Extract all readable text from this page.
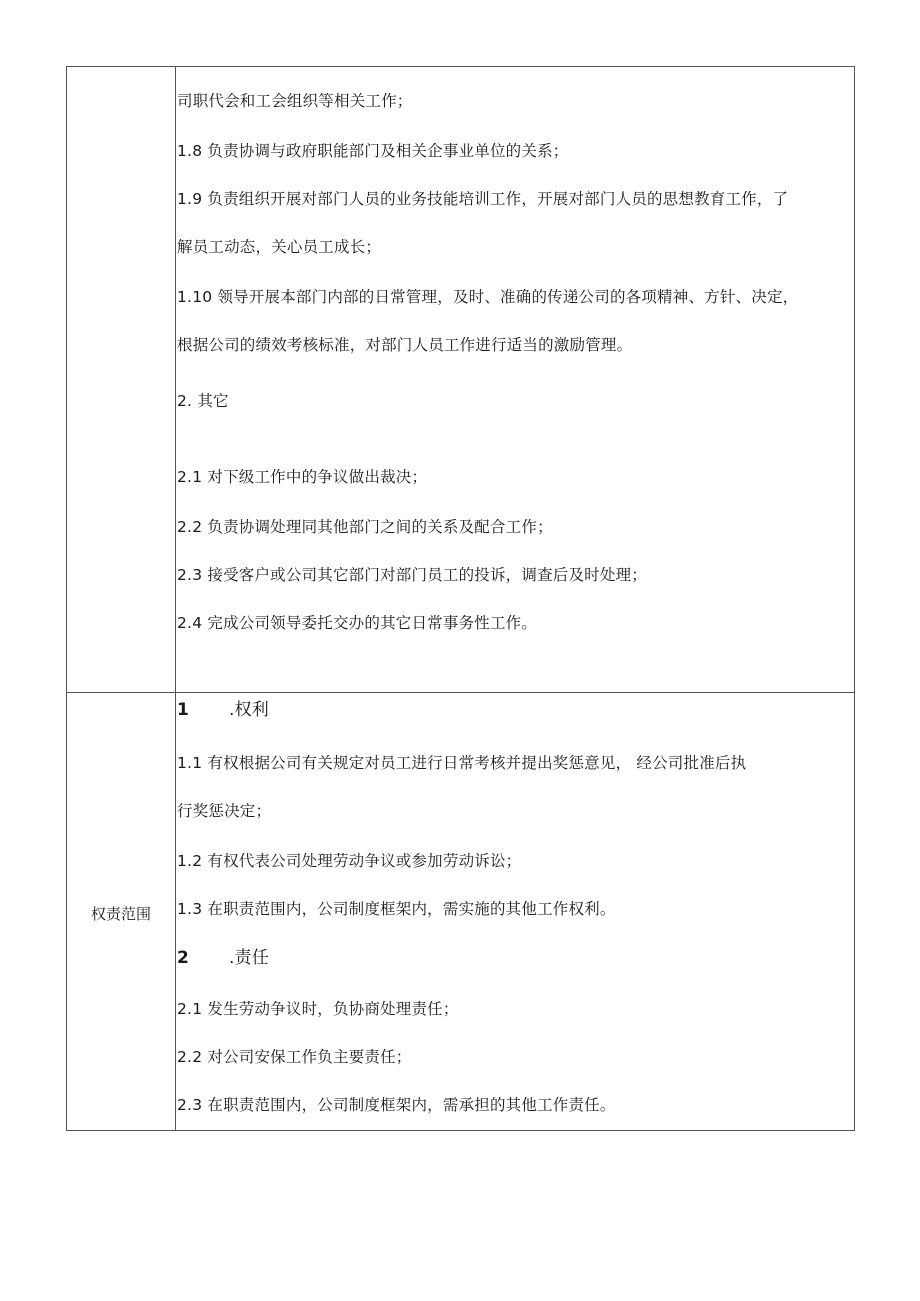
司职代会和工会组织等相关工作；
1.8 负责协调与政府职能部门及相关企事业单位的关系；
1.9 负责组织开展对部门人员的业务技能培训工作，开展对部门人员的思想教育工作，了
解员工动态，关心员工成长；
1.10 领导开展本部门内部的日常管理，及时、准确的传递公司的各项精神、方针、决定，
根据公司的绩效考核标准，对部门人员工作进行适当的激励管理。
2. 其它
2.1 对下级工作中的争议做出裁决；
2.2 负责协调处理同其他部门之间的关系及配合工作；
2.3 接受客户或公司其它部门对部门员工的投诉，调查后及时处理；
2.4 完成公司领导委托交办的其它日常事务性工作。
权责范围
1 .权利
1.1 有权根据公司有关规定对员工进行日常考核并提出奖惩意见， 经公司批准后执
行奖惩决定；
1.2 有权代表公司处理劳动争议或参加劳动诉讼；
1.3 在职责范围内，公司制度框架内，需实施的其他工作权利。
2 .责任
2.1 发生劳动争议时，负协商处理责任；
2.2 对公司安保工作负主要责任；
2.3 在职责范围内，公司制度框架内，需承担的其他工作责任。
